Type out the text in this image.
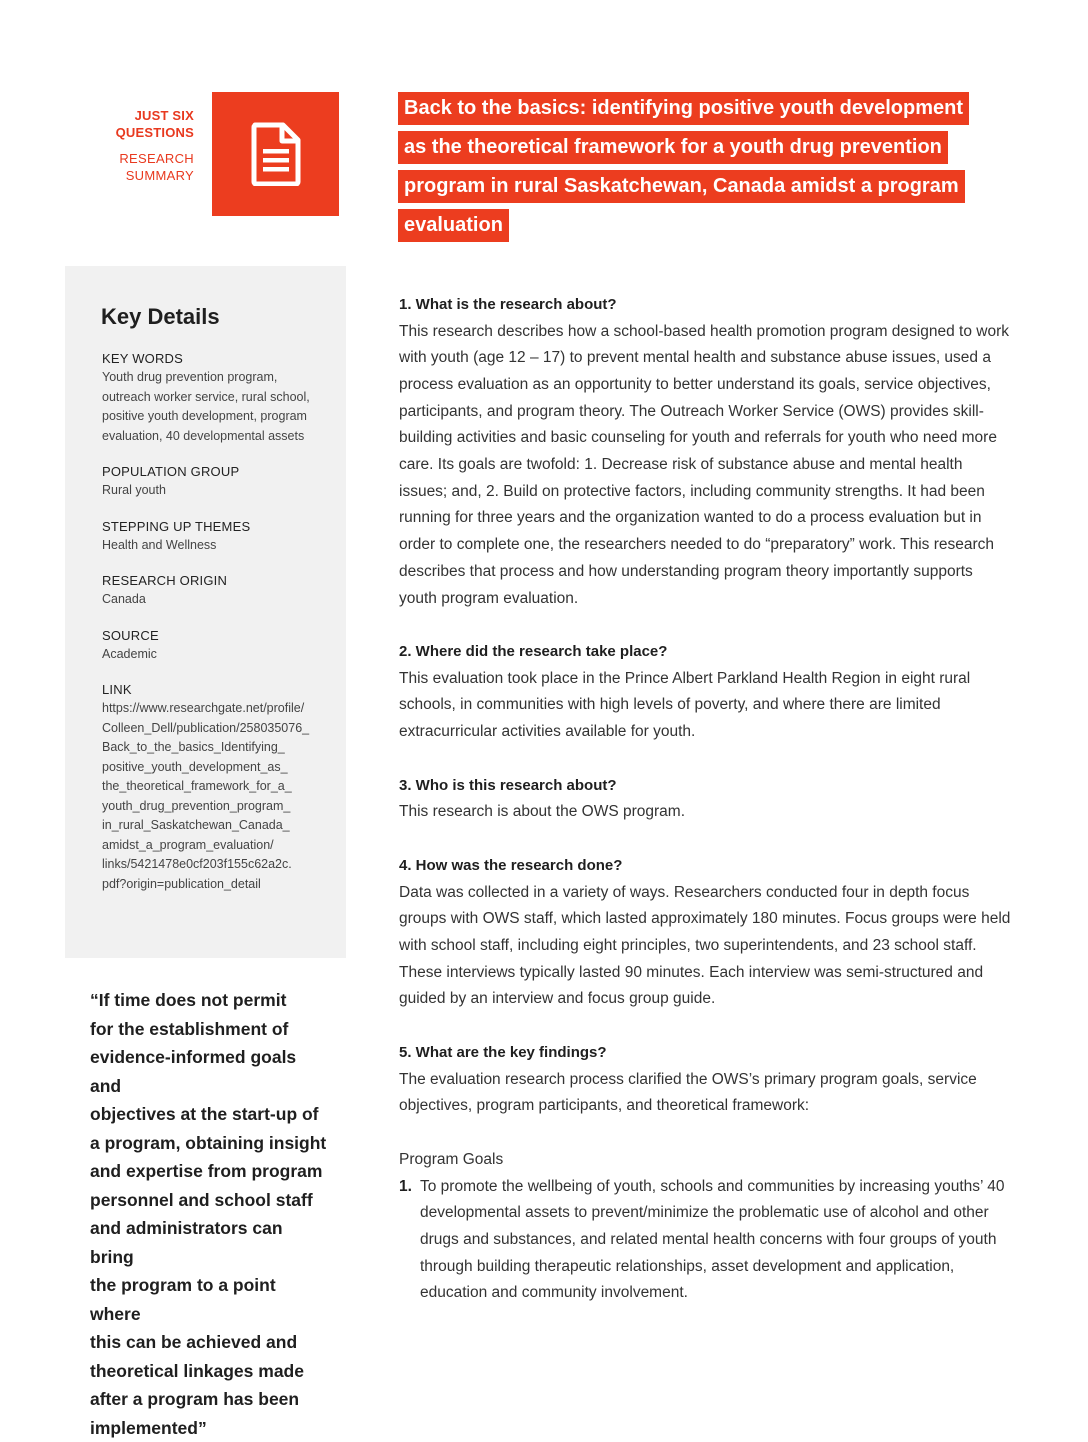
JUST SIX
QUESTIONS
RESEARCH
SUMMARY
Back to the basics: identifying positive youth development
as the theoretical framework for a youth drug prevention
program in rural Saskatchewan, Canada amidst a program
evaluation
Key Details
KEY WORDS
Youth drug prevention program,
outreach worker service, rural school,
positive youth development, program
evaluation, 40 developmental assets
POPULATION GROUP
Rural youth
STEPPING UP THEMES
Health and Wellness
RESEARCH ORIGIN
Canada
SOURCE
Academic
LINK
https://www.researchgate.net/profile/
Colleen_Dell/publication/258035076_
Back_to_the_basics_Identifying_
positive_youth_development_as_
the_theoretical_framework_for_a_
youth_drug_prevention_program_
in_rural_Saskatchewan_Canada_
amidst_a_program_evaluation/
links/5421478e0cf203f155c62a2c.
pdf?origin=publication_detail
“If time does not permit
for the establishment of
evidence-informed goals and
objectives at the start-up of
a program, obtaining insight
and expertise from program
personnel and school staff
and administrators can bring
the program to a point where
this can be achieved and
theoretical linkages made
after a program has been
implemented”
1. What is the research about?
This research describes how a school-based health promotion program designed to work with youth (age 12 – 17) to prevent mental health and substance abuse issues, used a process evaluation as an opportunity to better understand its goals, service objectives, participants, and program theory. The Outreach Worker Service (OWS) provides skill-building activities and basic counseling for youth and referrals for youth who need more care. Its goals are twofold: 1. Decrease risk of substance abuse and mental health issues; and, 2. Build on protective factors, including community strengths. It had been running for three years and the organization wanted to do a process evaluation but in order to complete one, the researchers needed to do “preparatory” work. This research describes that process and how understanding program theory importantly supports youth program evaluation.
2. Where did the research take place?
This evaluation took place in the Prince Albert Parkland Health Region in eight rural schools, in communities with high levels of poverty, and where there are limited extracurricular activities available for youth.
3. Who is this research about?
This research is about the OWS program.
4. How was the research done?
Data was collected in a variety of ways. Researchers conducted four in depth focus groups with OWS staff, which lasted approximately 180 minutes. Focus groups were held with school staff, including eight principles, two superintendents, and 23 school staff. These interviews typically lasted 90 minutes. Each interview was semi-structured and guided by an interview and focus group guide.
5. What are the key findings?
The evaluation research process clarified the OWS’s primary program goals, service objectives, program participants, and theoretical framework:
Program Goals
1. To promote the wellbeing of youth, schools and communities by increasing youths’ 40 developmental assets to prevent/minimize the problematic use of alcohol and other drugs and substances, and related mental health concerns with four groups of youth through building therapeutic relationships, asset development and application, education and community involvement.
